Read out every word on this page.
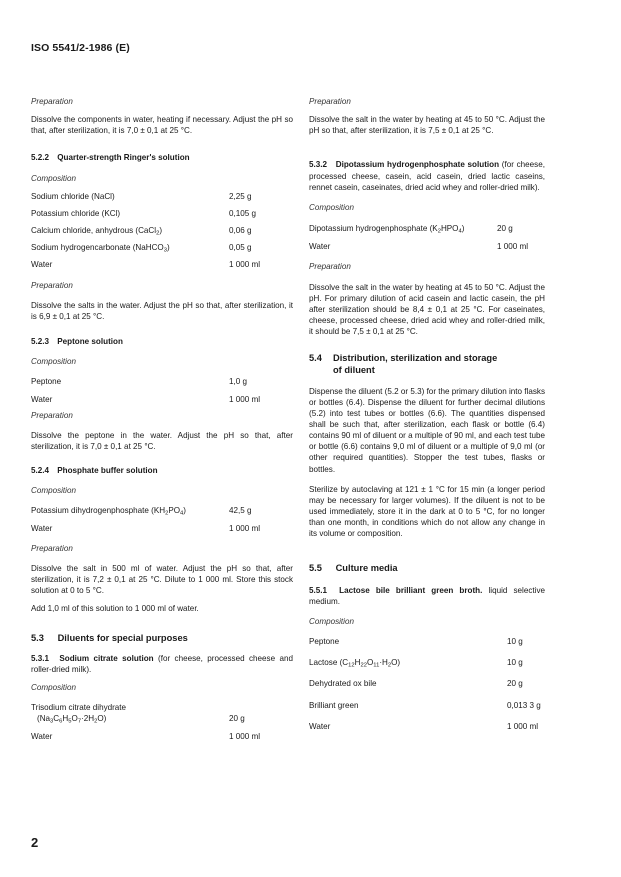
ISO 5541/2-1986 (E)

Preparation

Dissolve the components in water, heating if necessary. Adjust the pH so that, after sterilization, it is 7,0 ± 0,1 at 25 °C.

5.2.2 Quarter-strength Ringer's solution

Composition

Sodium chloride (NaCl)	2,25 g
Potassium chloride (KCl)	0,105 g
Calcium chloride, anhydrous (CaCl$_2$)	0,06 g
Sodium hydrogencarbonate (NaHCO$_3$)	0,05 g
Water	1 000 ml

Preparation

Dissolve the salts in the water. Adjust the pH so that, after sterilization, it is 6,9 ± 0,1 at 25 °C.

5.2.3 Peptone solution

Composition

Peptone	1,0 g
Water	1 000 ml

Preparation

Dissolve the peptone in the water. Adjust the pH so that, after sterilization, it is 7,0 ± 0,1 at 25 °C.

5.2.4 Phosphate buffer solution

Composition

Potassium dihydrogenphosphate $(KH_2PO_4)$	42,5 g
Water	1 000 ml

Preparation

Dissolve the salt in 500 ml of water. Adjust the pH so that, after sterilization, it is 7,2 ± 0,1 at 25 °C. Dilute to 1 000 ml. Store this stock solution at 0 to 5 °C.

Add 1,0 ml of this solution to 1 000 ml of water.

5.3 Diluents for special purposes

5.3.1 Sodium citrate solution (for cheese, processed cheese and roller-dried milk).

Composition

Trisodium citrate dihydrate
$(Na_3C_6H_5O_7\cdot 2H_2O)$	20 g
Water	1 000 ml

Preparation

Dissolve the salt in the water by heating at 45 to 50 °C. Adjust the pH so that, after sterilization, it is 7,5 ± 0,1 at 25 °C.

5.3.2 Dipotassium hydrogenphosphate solution (for cheese, processed cheese, casein, acid casein, dried lactic caseins, rennet casein, caseinates, dried acid whey and roller-dried milk).

Composition

Dipotassium hydrogenphosphate $(K_2HPO_4)$	20 g
Water	1 000 ml

Preparation

Dissolve the salt in the water by heating at 45 to 50 °C. Adjust the pH. For primary dilution of acid casein and lactic casein, the pH after sterilization should be 8,4 ± 0,1 at 25 °C. For caseinates, cheese, processed cheese, dried acid whey and roller-dried milk, it should be 7,5 ± 0,1 at 25 °C.

5.4	Distribution, sterilization and storage
of diluent

Dispense the diluent (5.2 or 5.3) for the primary dilution into flasks or bottles (6.4). Dispense the diluent for further decimal dilutions (5.2) into test tubes or bottles (6.6). The quantities dispensed shall be such that, after sterilization, each flask or bottle (6.4) contains 90 ml of diluent or a multiple of 90 ml, and each test tube or bottle (6.6) contains 9,0 ml of diluent or a multiple of 9,0 ml (or other required quantities). Stopper the test tubes, flasks or bottles.

Sterilize by autoclaving at 121 ± 1 °C for 15 min (a longer period may be necessary for larger volumes). If the diluent is not to be used immediately, store it in the dark at 0 to 5 °C, for no longer than one month, in conditions which do not allow any change in its volume or composition.

5.5 Culture media

5.5.1 Lactose bile brilliant green broth. liquid selective medium.

Composition

Peptone	10 g
Lactose $(C_{12}H_{22}O_{11}\cdot H_2O)$	10 g
Dehydrated ox bile	20 g
Brilliant green	0,013 3 g
Water	1 000 ml
2
